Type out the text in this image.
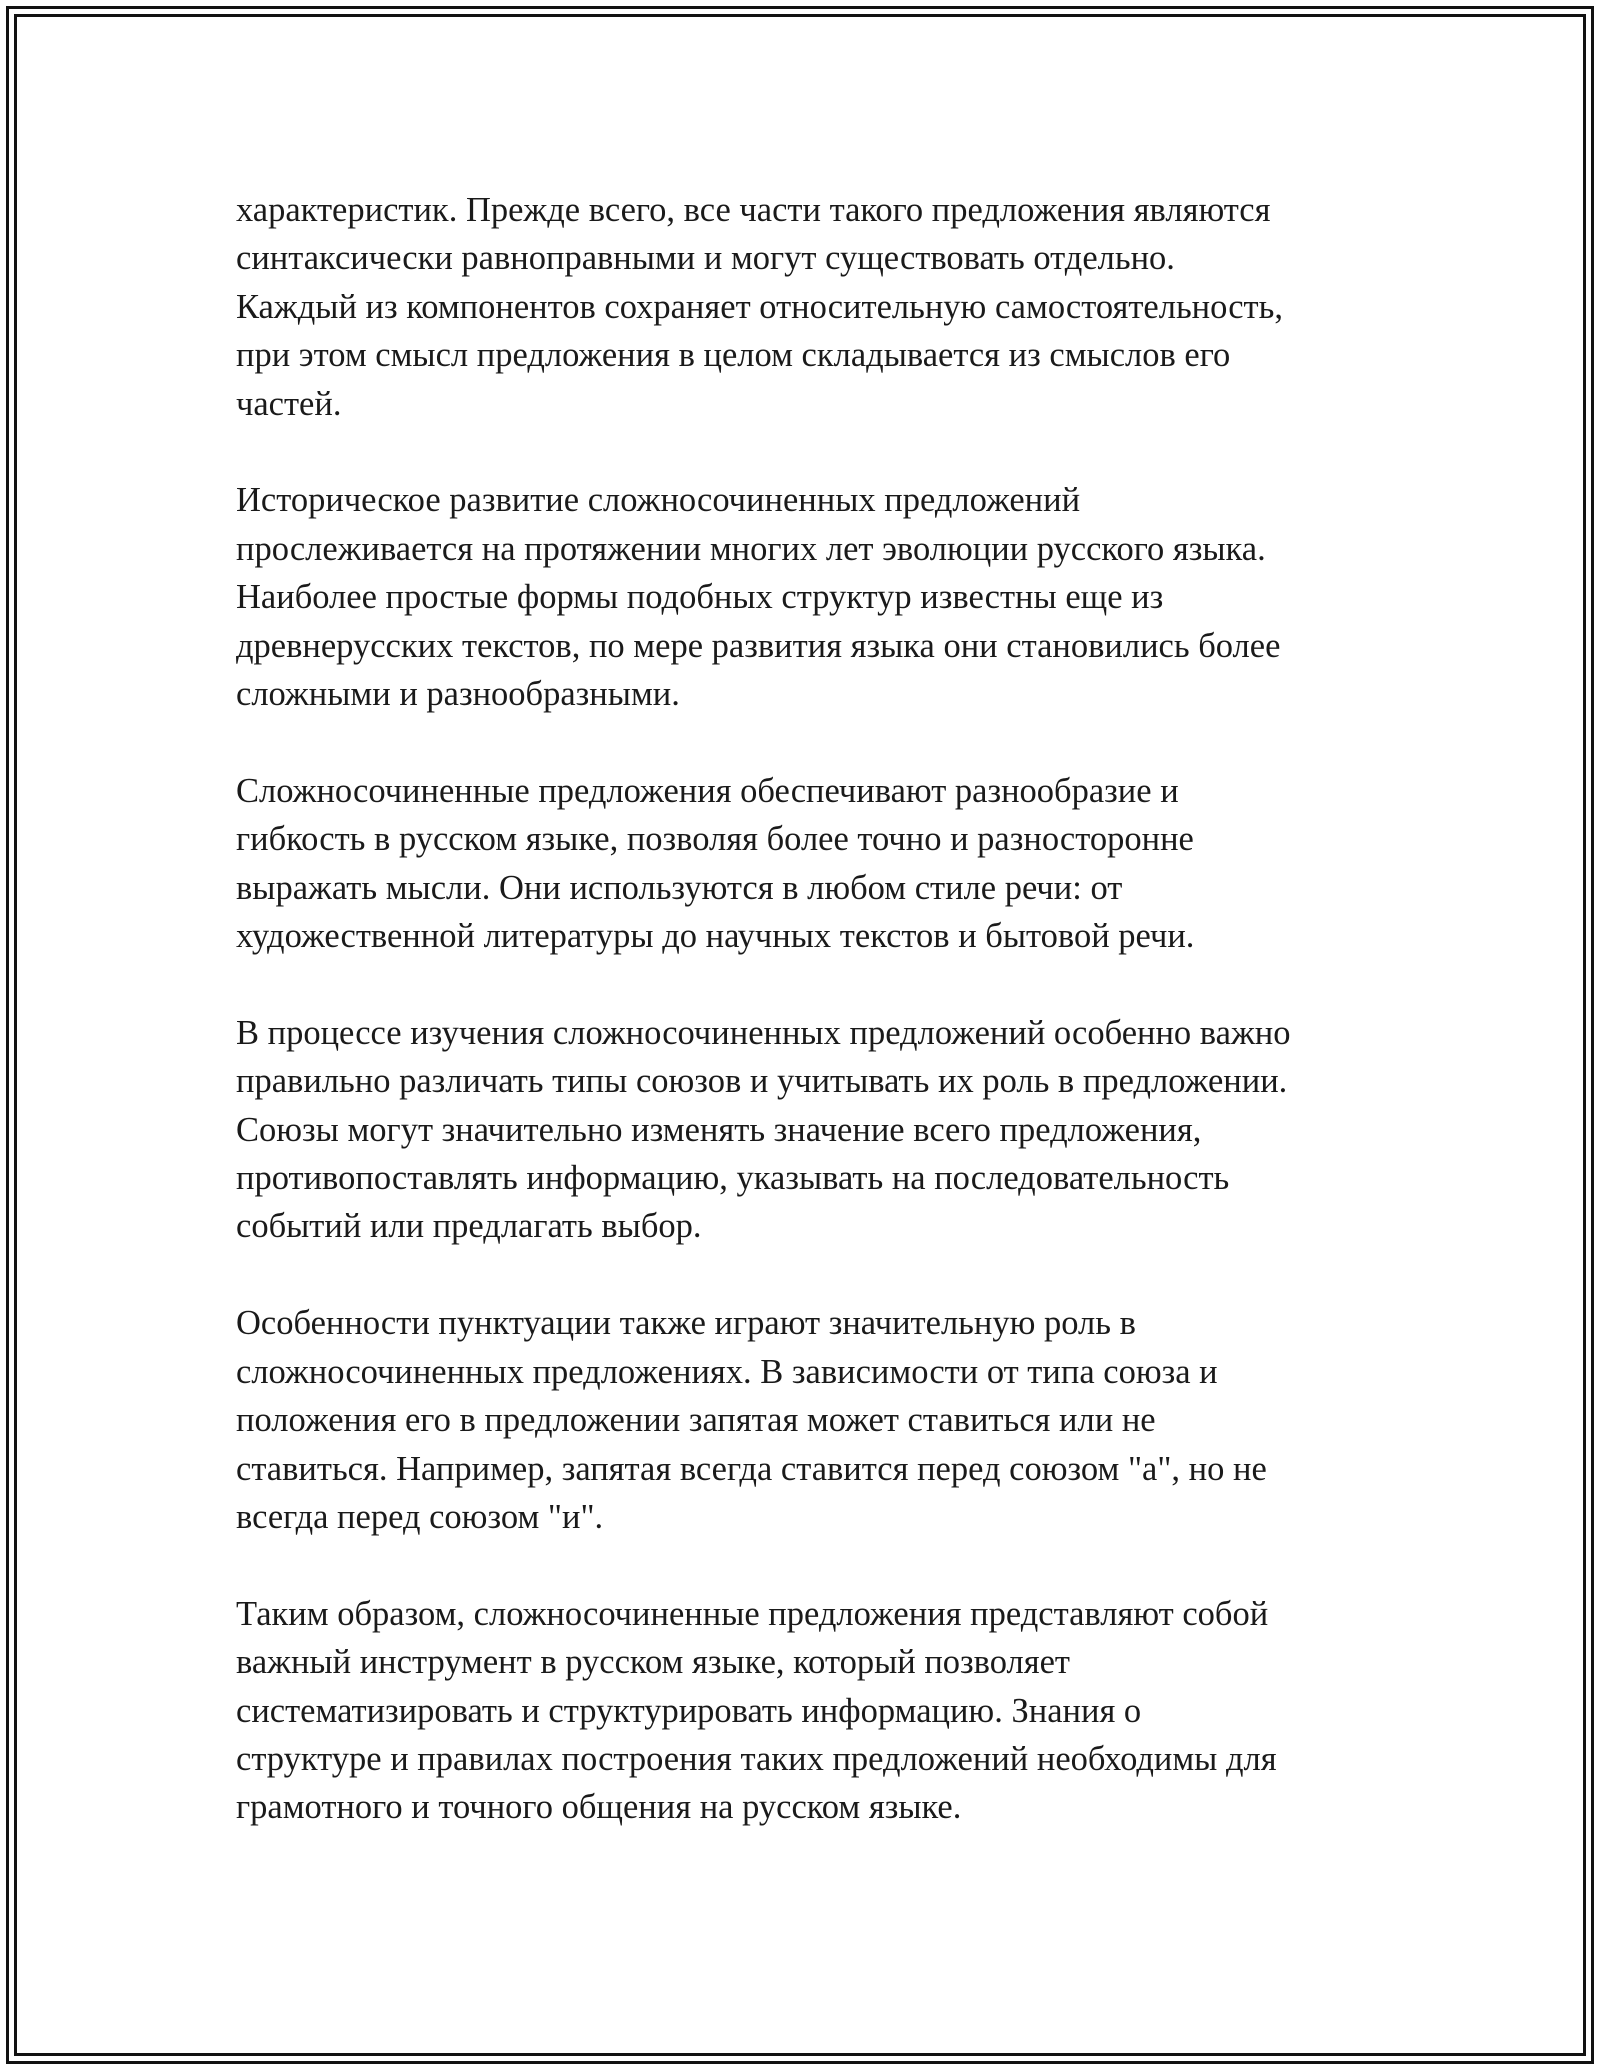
характеристик. Прежде всего, все части такого предложения являются
синтаксически равноправными и могут существовать отдельно.
Каждый из компонентов сохраняет относительную самостоятельность,
при этом смысл предложения в целом складывается из смыслов его
частей.

Историческое развитие сложносочиненных предложений
прослеживается на протяжении многих лет эволюции русского языка.
Наиболее простые формы подобных структур известны еще из
древнерусских текстов, по мере развития языка они становились более
сложными и разнообразными.

Сложносочиненные предложения обеспечивают разнообразие и
гибкость в русском языке, позволяя более точно и разносторонне
выражать мысли. Они используются в любом стиле речи: от
художественной литературы до научных текстов и бытовой речи.

В процессе изучения сложносочиненных предложений особенно важно
правильно различать типы союзов и учитывать их роль в предложении.
Союзы могут значительно изменять значение всего предложения,
противопоставлять информацию, указывать на последовательность
событий или предлагать выбор.

Особенности пунктуации также играют значительную роль в
сложносочиненных предложениях. В зависимости от типа союза и
положения его в предложении запятая может ставиться или не
ставиться. Например, запятая всегда ставится перед союзом "а", но не
всегда перед союзом "и".

Таким образом, сложносочиненные предложения представляют собой
важный инструмент в русском языке, который позволяет
систематизировать и структурировать информацию. Знания о
структуре и правилах построения таких предложений необходимы для
грамотного и точного общения на русском языке.
